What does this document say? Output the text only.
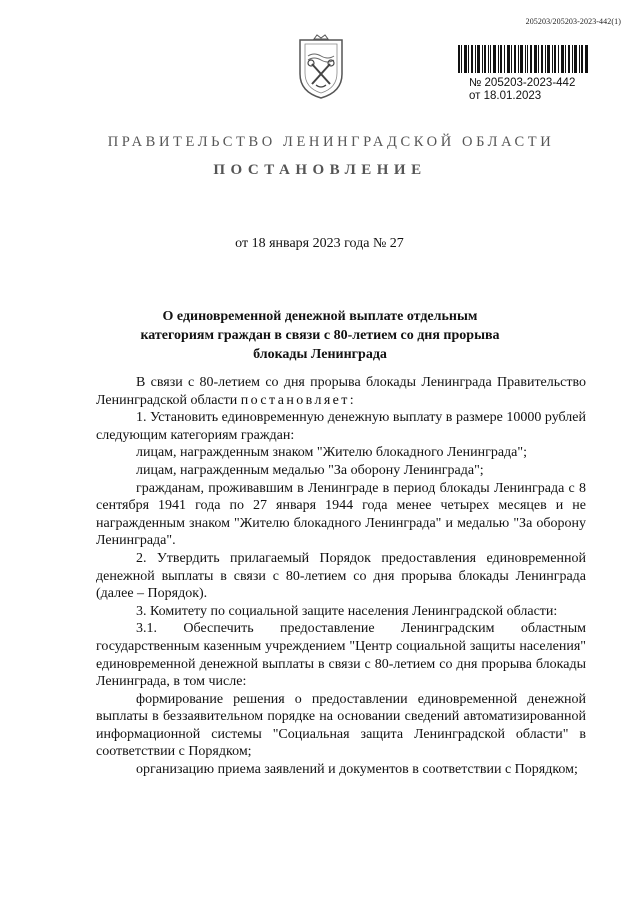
205203/205203-2023-442(1)
№ 205203-2023-442
от 18.01.2023
ПРАВИТЕЛЬСТВО ЛЕНИНГРАДСКОЙ ОБЛАСТИ
ПОСТАНОВЛЕНИЕ
от 18 января 2023 года № 27
О единовременной денежной выплате отдельным
категориям граждан в связи с 80-летием со дня прорыва
блокады Ленинграда

В связи с 80-летием со дня прорыва блокады Ленинграда Правительство Ленинградской области постановляет:

1. Установить единовременную денежную выплату в размере 10000 рублей следующим категориям граждан:

лицам, награжденным знаком "Жителю блокадного Ленинграда";

лицам, награжденным медалью "За оборону Ленинграда";

гражданам, проживавшим в Ленинграде в период блокады Ленинграда с 8 сентября 1941 года по 27 января 1944 года менее четырех месяцев и не награжденным знаком "Жителю блокадного Ленинграда" и медалью "За оборону Ленинграда".

2. Утвердить прилагаемый Порядок предоставления единовременной денежной выплаты в связи с 80-летием со дня прорыва блокады Ленинграда (далее – Порядок).

3. Комитету по социальной защите населения Ленинградской области:

3.1. Обеспечить предоставление Ленинградским областным государственным казенным учреждением "Центр социальной защиты населения" единовременной денежной выплаты в связи с 80-летием со дня прорыва блокады Ленинграда, в том числе:

формирование решения о предоставлении единовременной денежной выплаты в беззаявительном порядке на основании сведений автоматизированной информационной системы "Социальная защита Ленинградской области" в соответствии с Порядком;

организацию приема заявлений и документов в соответствии с Порядком;
